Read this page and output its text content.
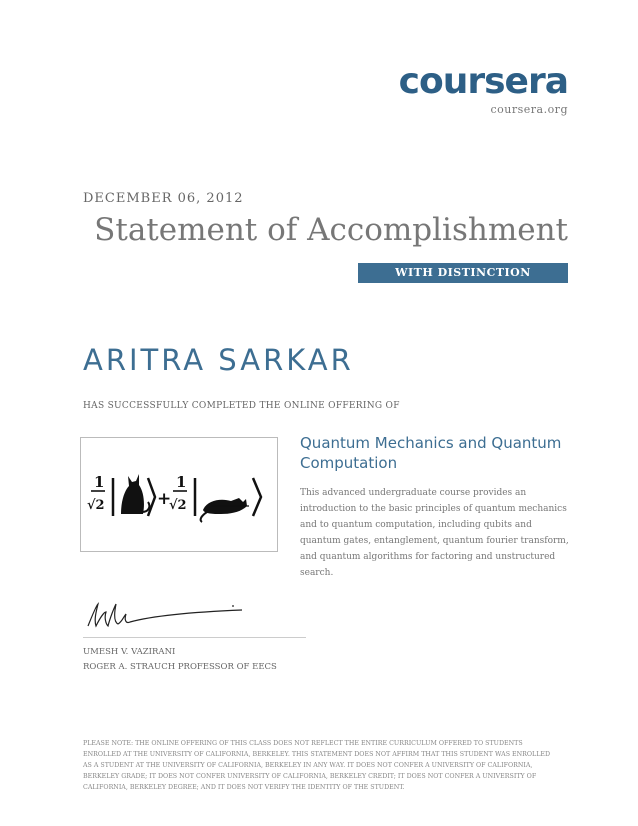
coursera
coursera.org
DECEMBER 06, 2012
Statement of Accomplishment
WITH DISTINCTION
ARITRA SARKAR
HAS SUCCESSFULLY COMPLETED THE ONLINE OFFERING OF
1
√2	+
1
√2
Quantum Mechanics and Quantum Computation
This advanced undergraduate course provides an introduction to the basic principles of quantum mechanics and to quantum computation, including qubits and quantum gates, entanglement, quantum fourier transform, and quantum algorithms for factoring and unstructured search.
UMESH V. VAZIRANI
ROGER A. STRAUCH PROFESSOR OF EECS
PLEASE NOTE: THE ONLINE OFFERING OF THIS CLASS DOES NOT REFLECT THE ENTIRE CURRICULUM OFFERED TO STUDENTS ENROLLED AT THE UNIVERSITY OF CALIFORNIA, BERKELEY. THIS STATEMENT DOES NOT AFFIRM THAT THIS STUDENT WAS ENROLLED AS A STUDENT AT THE UNIVERSITY OF CALIFORNIA, BERKELEY IN ANY WAY. IT DOES NOT CONFER A UNIVERSITY OF CALIFORNIA, BERKELEY GRADE; IT DOES NOT CONFER UNIVERSITY OF CALIFORNIA, BERKELEY CREDIT; IT DOES NOT CONFER A UNIVERSITY OF CALIFORNIA, BERKELEY DEGREE; AND IT DOES NOT VERIFY THE IDENTITY OF THE STUDENT.
